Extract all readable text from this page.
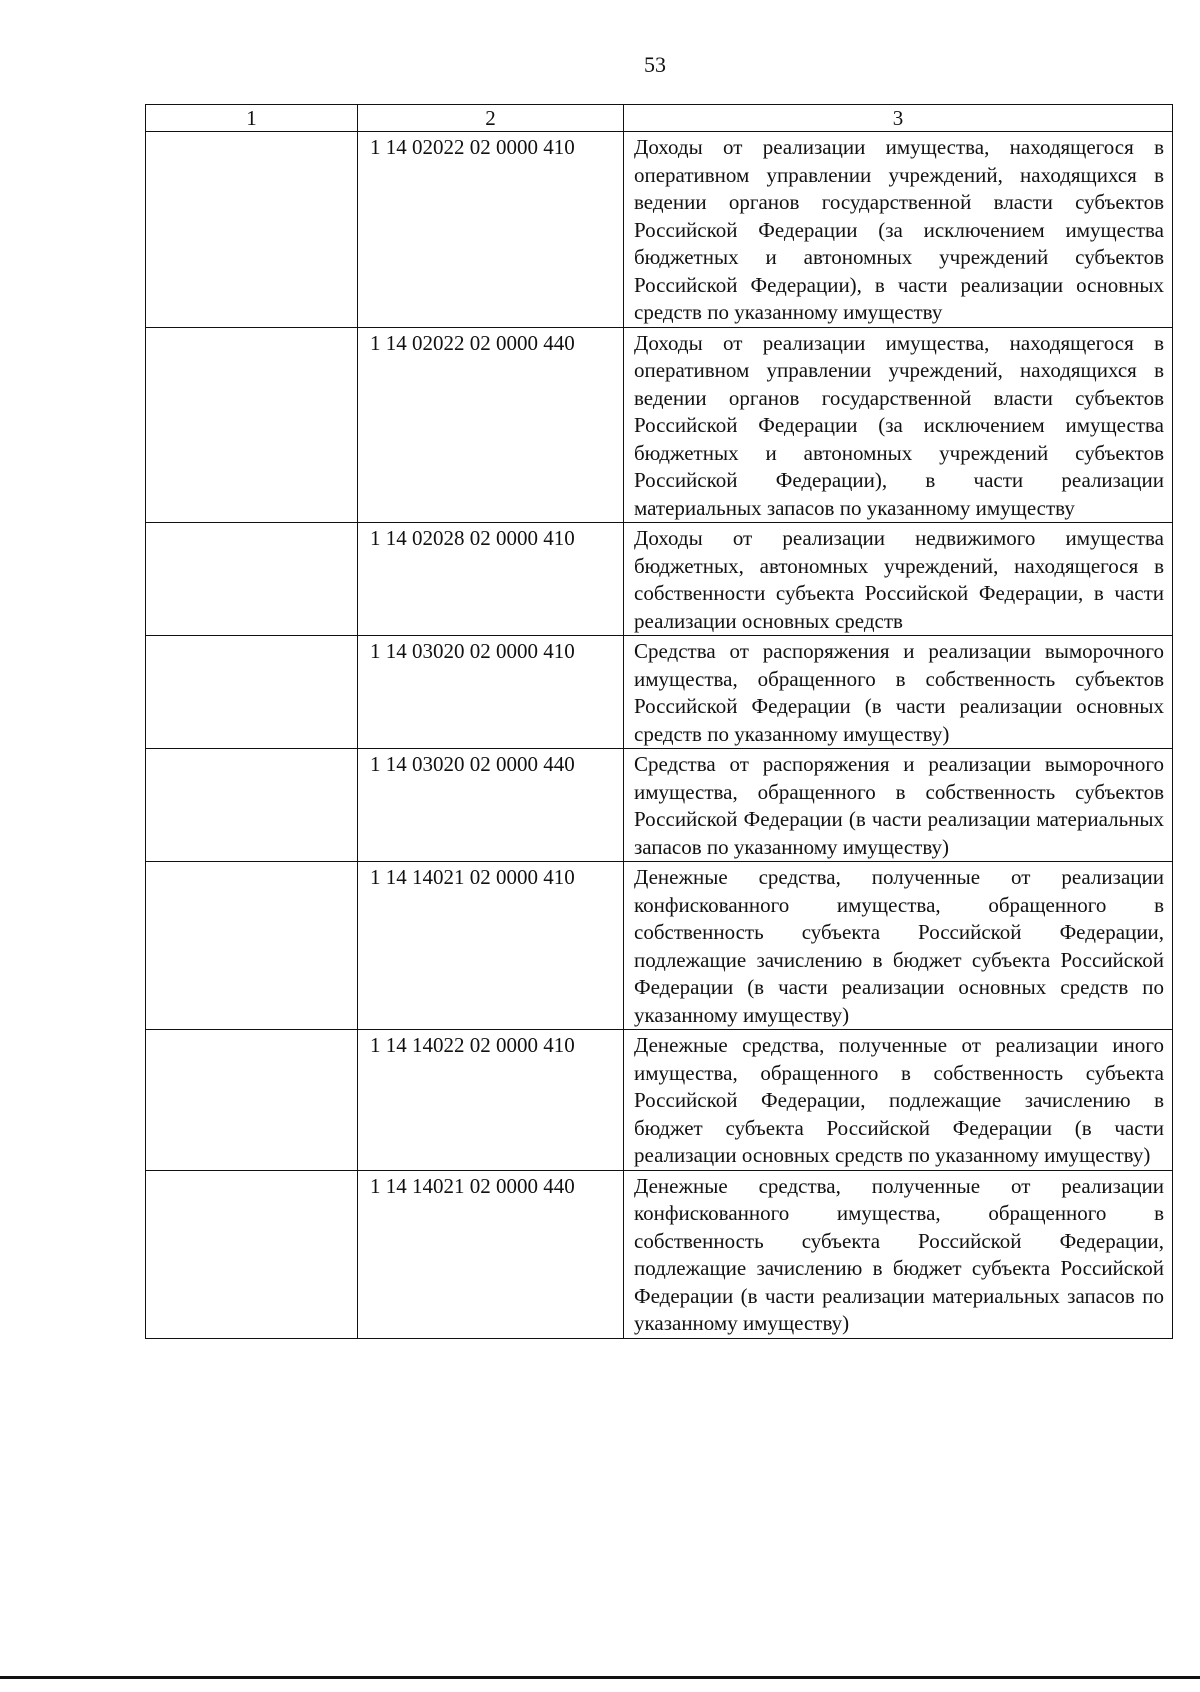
53
1	2	3
	1 14 02022 02 0000 410	Доходы от реализации имущества, находящегося в оперативном управлении учреждений, находящихся в ведении органов государственной власти субъектов Российской Федерации (за исключением имущества бюджетных и автономных учреждений субъектов Российской Федерации), в части реализации основных средств по указанному имуществу
	1 14 02022 02 0000 440	Доходы от реализации имущества, находящегося в оперативном управлении учреждений, находящихся в ведении органов государственной власти субъектов Российской Федерации (за исключением имущества бюджетных и автономных учреждений субъектов Российской Федерации), в части реализации материальных запасов по указанному имуществу
	1 14 02028 02 0000 410	Доходы от реализации недвижимого имущества бюджетных, автономных учреждений, находящегося в собственности субъекта Российской Федерации, в части реализации основных средств
	1 14 03020 02 0000 410	Средства от распоряжения и реализации выморочного имущества, обращенного в собственность субъектов Российской Федерации (в части реализации основных средств по указанному имуществу)
	1 14 03020 02 0000 440	Средства от распоряжения и реализации выморочного имущества, обращенного в собственность субъектов Российской Федерации (в части реализации материальных запасов по указанному имуществу)
	1 14 14021 02 0000 410	Денежные средства, полученные от реализации конфискованного имущества, обращенного в собственность субъекта Российской Федерации, подлежащие зачислению в бюджет субъекта Российской Федерации (в части реализации основных средств по указанному имуществу)
	1 14 14022 02 0000 410	Денежные средства, полученные от реализации иного имущества, обращенного в собственность субъекта Российской Федерации, подлежащие зачислению в бюджет субъекта Российской Федерации (в части реализации основных средств по указанному имуществу)
	1 14 14021 02 0000 440	Денежные средства, полученные от реализации конфискованного имущества, обращенного в собственность субъекта Российской Федерации, подлежащие зачислению в бюджет субъекта Российской Федерации (в части реализации материальных запасов по указанному имуществу)
